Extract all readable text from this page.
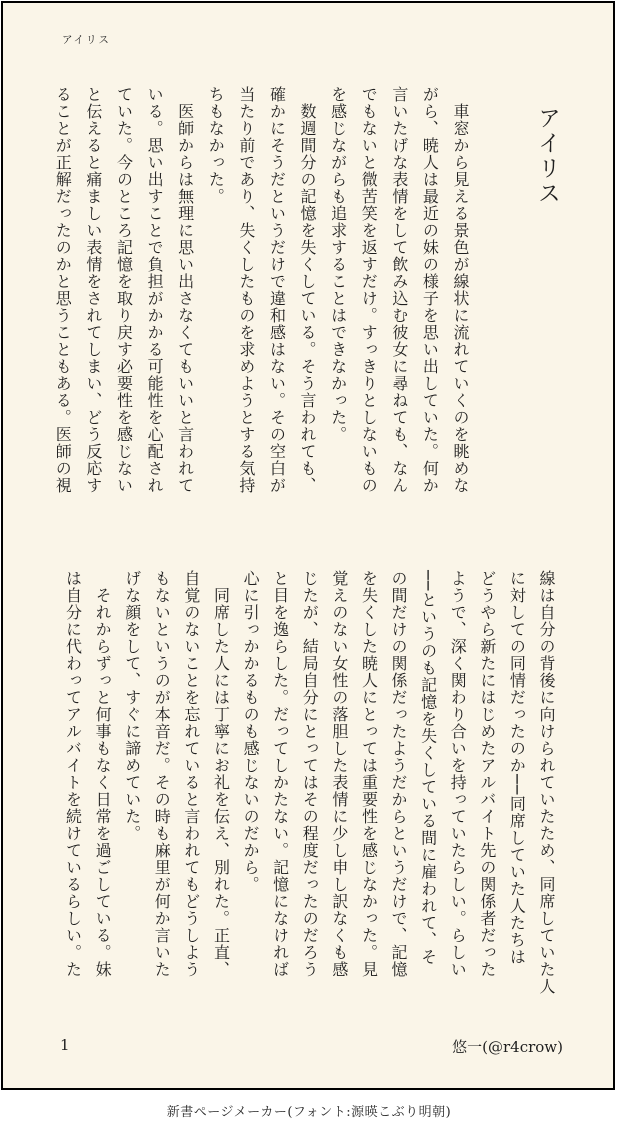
アイリス
アイリス
　車窓から見える景色が線状に流れていくのを眺めな
がら、暁人は最近の妹の様子を思い出していた。何か
言いたげな表情をして飲み込む彼女に尋ねても、なん
でもないと微苦笑を返すだけ。すっきりとしないもの
を感じながらも追求することはできなかった。
　数週間分の記憶を失くしている。そう言われても、
確かにそうだというだけで違和感はない。その空白が
当たり前であり、失くしたものを求めようとする気持
ちもなかった。
　医師からは無理に思い出さなくてもいいと言われて
いる。思い出すことで負担がかかる可能性を心配され
ていた。今のところ記憶を取り戻す必要性を感じない
と伝えると痛ましい表情をされてしまい、どう反応す
ることが正解だったのかと思うこともある。医師の視
線は自分の背後に向けられていたため、同席していた人
に対しての同情だったのか──同席していた人たちは
どうやら新たにはじめたアルバイト先の関係者だった
ようで、深く関わり合いを持っていたらしい。らしい
──というのも記憶を失くしている間に雇われて、そ
の間だけの関係だったようだからというだけで、記憶
を失くした暁人にとっては重要性を感じなかった。見
覚えのない女性の落胆した表情に少し申し訳なくも感
じたが、結局自分にとってはその程度だったのだろう
と目を逸らした。だってしかたない。記憶になければ
心に引っかかるものも感じないのだから。
　同席した人には丁寧にお礼を伝え、別れた。正直、
自覚のないことを忘れていると言われてもどうしよう
もないというのが本音だ。その時も麻里が何か言いた
げな顔をして、すぐに諦めていた。
　それからずっと何事もなく日常を過ごしている。妹
は自分に代わってアルバイトを続けているらしい。た
1	悠一(@r4crow)
新書ページメーカー(フォント:源暎こぶり明朝)
